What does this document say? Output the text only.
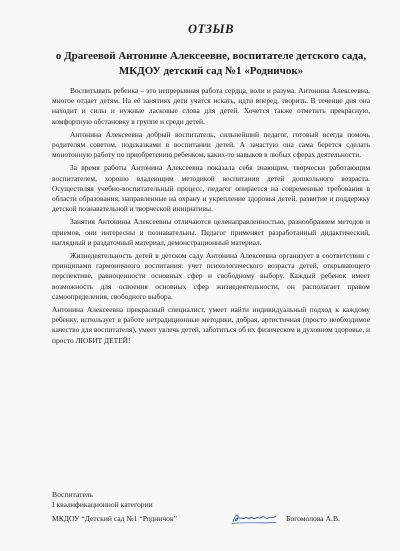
ОТЗЫВ
о Драгеевой Антонине Алексеевне, воспитателе детского сада, МКДОУ детский сад №1 «Родничок»

Воспитывать ребенка – это непрерывная работа сердца, воли и разума. Антонина Алексеевна, многое отдает детям. На её занятиях дети учатся искать, идти вперед, творить. В течение дня она находит и силы и нужные ласковые слова для детей. Хочется также отметить прекрасную, комфортную обстановку в группе и среди детей.

Антонина Алексеевна добрый воспитатель, сильнейший педагог, готовый всегда помочь родителям советом, подсказками в воспитании детей. А зачастую она сама берется сделать монотонную работу по приобретению ребенком, каких-то навыков в любых сферах деятельности.

За время работы Антонина Алексеевна показала себя знающим, творчески работающим воспитателем, хорошо владеющим методикой воспитания детей дошкольного возраста. Осуществляя учебно-воспитательный процесс, педагог опирается на современные требования в области образования, направленные на охрану и укрепление здоровья детей, развитие и поддержку детской познавательной и творческой инициативы.

Занятия Антонины Алексеевны отличаются целенаправленностью, разнообразием методов и приемов, они интересны и познавательны. Педагог применяет разработанный дидактический, наглядный и раздаточный материал, демонстрационный материал.

Жизнедеятельность детей в детском саду Антонина Алексеевна организует в соответствии с принципами гармоничного воспитания: учет психологического возраста детей, открывающего перспективе, равноценности основных сфер и свободному выбору. Каждый ребенок имеет возможность для освоения основных сфер жизнедеятельности, он располагает правом самоопределения, свободного выбора.

Антонина Алексеевна прекрасный специалист, умеет найти индивидуальный подход к каждому ребенку, использует в работе нетрадиционные методики, добрая, артистичная (просто необходимое качество для воспитателя), умеет увлечь детей, заботиться об их физическом и духовном здоровье, и просто ЛЮБИТ ДЕТЕЙ!

Воспитатель
I квалификационной категории
МКДОУ “Детский сад №1 “Родничок”	Богомолова А.В.
